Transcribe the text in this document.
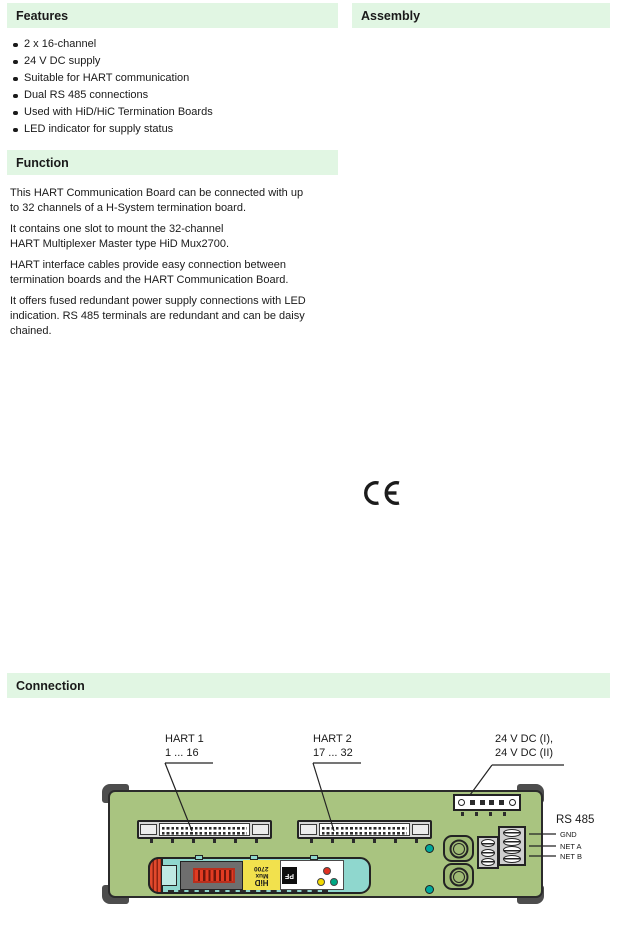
Features	Assembly
Function
Connection
2 x 16-channel
24 V DC supply
Suitable for HART communication
Dual RS 485 connections
Used with HiD/HiC Termination Boards
LED indicator for supply status
This HART Communication Board can be connected with up
to 32 channels of a H-System termination board.
It contains one slot to mount the 32-channel
HART Multiplexer Master type HiD Mux2700.
HART interface cables provide easy connection between
termination boards and the HART Communication Board.
It offers fused redundant power supply connections with LED
indication. RS 485 terminals are redundant and can be daisy
chained.
HiD
Mux
2700
PF
HART 1
1 ... 16
HART 2
17 ... 32
24 V DC (I),
24 V DC (II)
RS 485
GND
NET A
NET B
